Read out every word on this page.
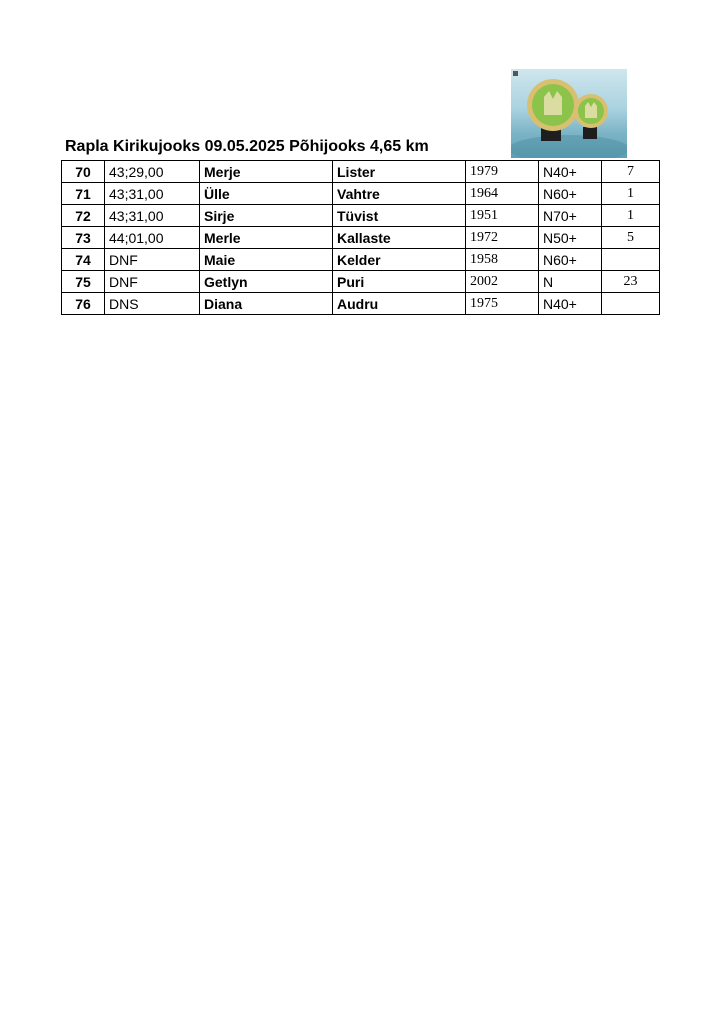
Rapla Kirikujooks 09.05.2025 Põhijooks 4,65 km
70	43;29,00	Merje	Lister	1979	N40+	7
71	43;31,00	Ülle	Vahtre	1964	N60+	1
72	43;31,00	Sirje	Tüvist	1951	N70+	1
73	44;01,00	Merle	Kallaste	1972	N50+	5
74	DNF	Maie	Kelder	1958	N60+	
75	DNF	Getlyn	Puri	2002	N	23
76	DNS	Diana	Audru	1975	N40+	
